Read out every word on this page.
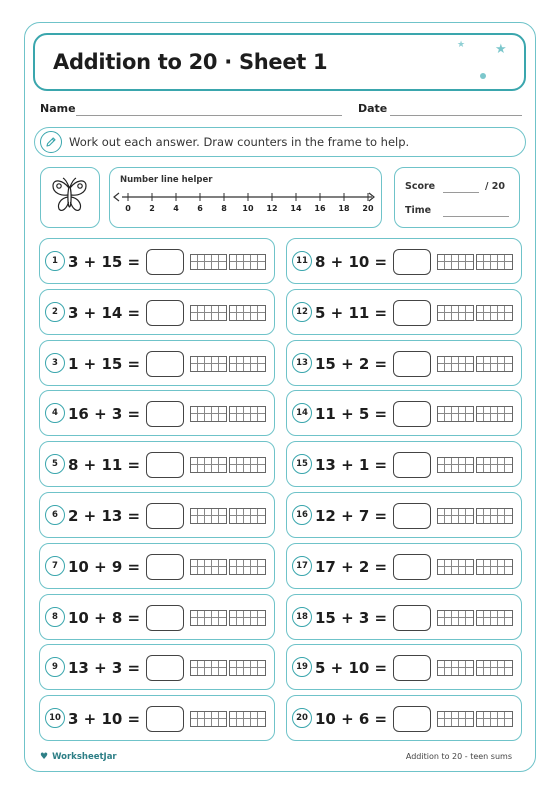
Addition to 20 · Sheet 1
★ ★
Name	Date
Work out each answer. Draw counters in the frame to help.
Number line helper
0 2 4 6 8 10 12 14 16 18 20
Score	/ 20
Time
1 3 + 15 =
2 3 + 14 =
3 1 + 15 =
4 16 + 3 =
5 8 + 11 =
6 2 + 13 =
7 10 + 9 =
8 10 + 8 =
9 13 + 3 =
10 3 + 10 =
11 8 + 10 =
12 5 + 11 =
13 15 + 2 =
14 11 + 5 =
15 13 + 1 =
16 12 + 7 =
17 17 + 2 =
18 15 + 3 =
19 5 + 10 =
20 10 + 6 =
♥ WorksheetJar	Addition to 20 - teen sums
